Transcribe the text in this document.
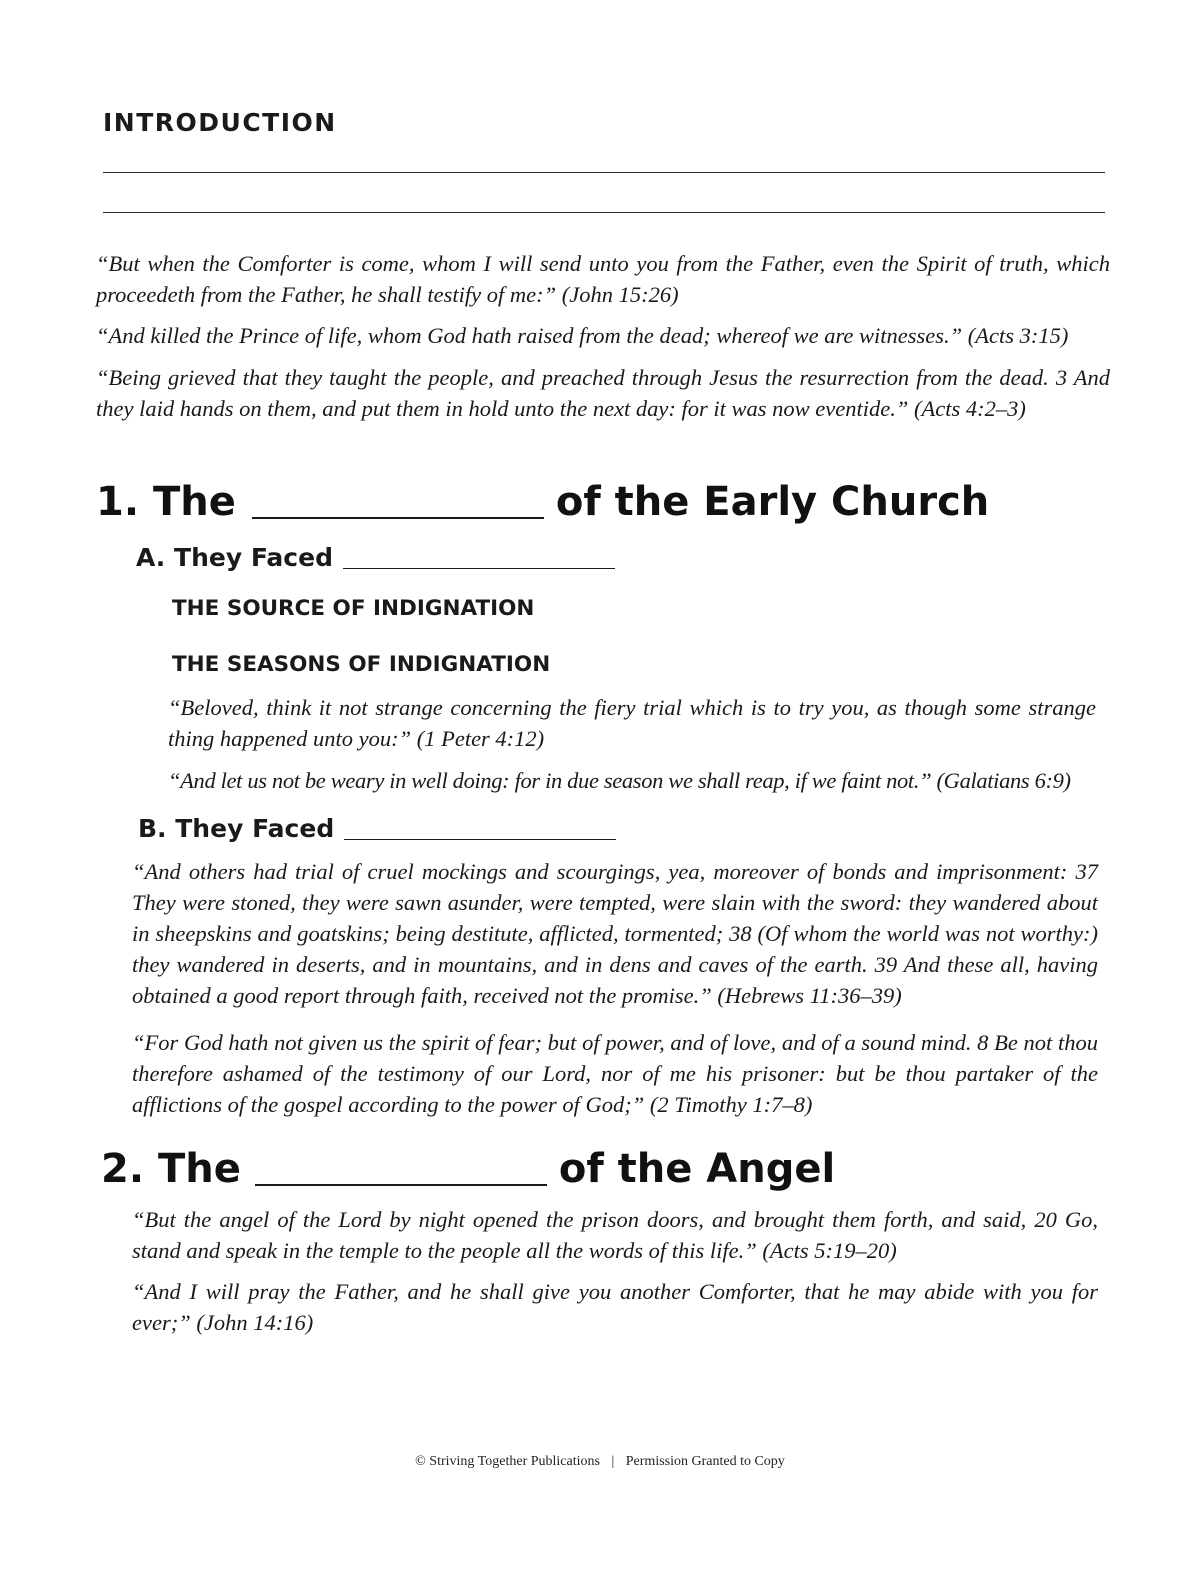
INTRODUCTION

“But when the Comforter is come, whom I will send unto you from the Father, even the Spirit of truth, which proceedeth from the Father, he shall testify of me:” (John 15:26)

“And killed the Prince of life, whom God hath raised from the dead; whereof we are witnesses.” (Acts 3:15)

“Being grieved that they taught the people, and preached through Jesus the resurrection from the dead. 3 And they laid hands on them, and put them in hold unto the next day: for it was now eventide.” (Acts 4:2–3)

1. The	of the Early Church
A. They Faced
THE SOURCE OF INDIGNATION
THE SEASONS OF INDIGNATION

“Beloved, think it not strange concerning the fiery trial which is to try you, as though some strange thing happened unto you:” (1 Peter 4:12)

“And let us not be weary in well doing: for in due season we shall reap, if we faint not.” (Galatians 6:9)

B. They Faced

“And others had trial of cruel mockings and scourgings, yea, moreover of bonds and imprisonment: 37 They were stoned, they were sawn asunder, were tempted, were slain with the sword: they wandered about in sheepskins and goatskins; being destitute, afflicted, tormented; 38 (Of whom the world was not worthy:) they wandered in deserts, and in mountains, and in dens and caves of the earth. 39 And these all, having obtained a good report through faith, received not the promise.” (Hebrews 11:36–39)

“For God hath not given us the spirit of fear; but of power, and of love, and of a sound mind. 8 Be not thou therefore ashamed of the testimony of our Lord, nor of me his prisoner: but be thou partaker of the afflictions of the gospel according to the power of God;” (2 Timothy 1:7–8)

2. The	of the Angel

“But the angel of the Lord by night opened the prison doors, and brought them forth, and said, 20 Go, stand and speak in the temple to the people all the words of this life.” (Acts 5:19–20)

“And I will pray the Father, and he shall give you another Comforter, that he may abide with you for ever;” (John 14:16)

© Striving Together Publications | Permission Granted to Copy
